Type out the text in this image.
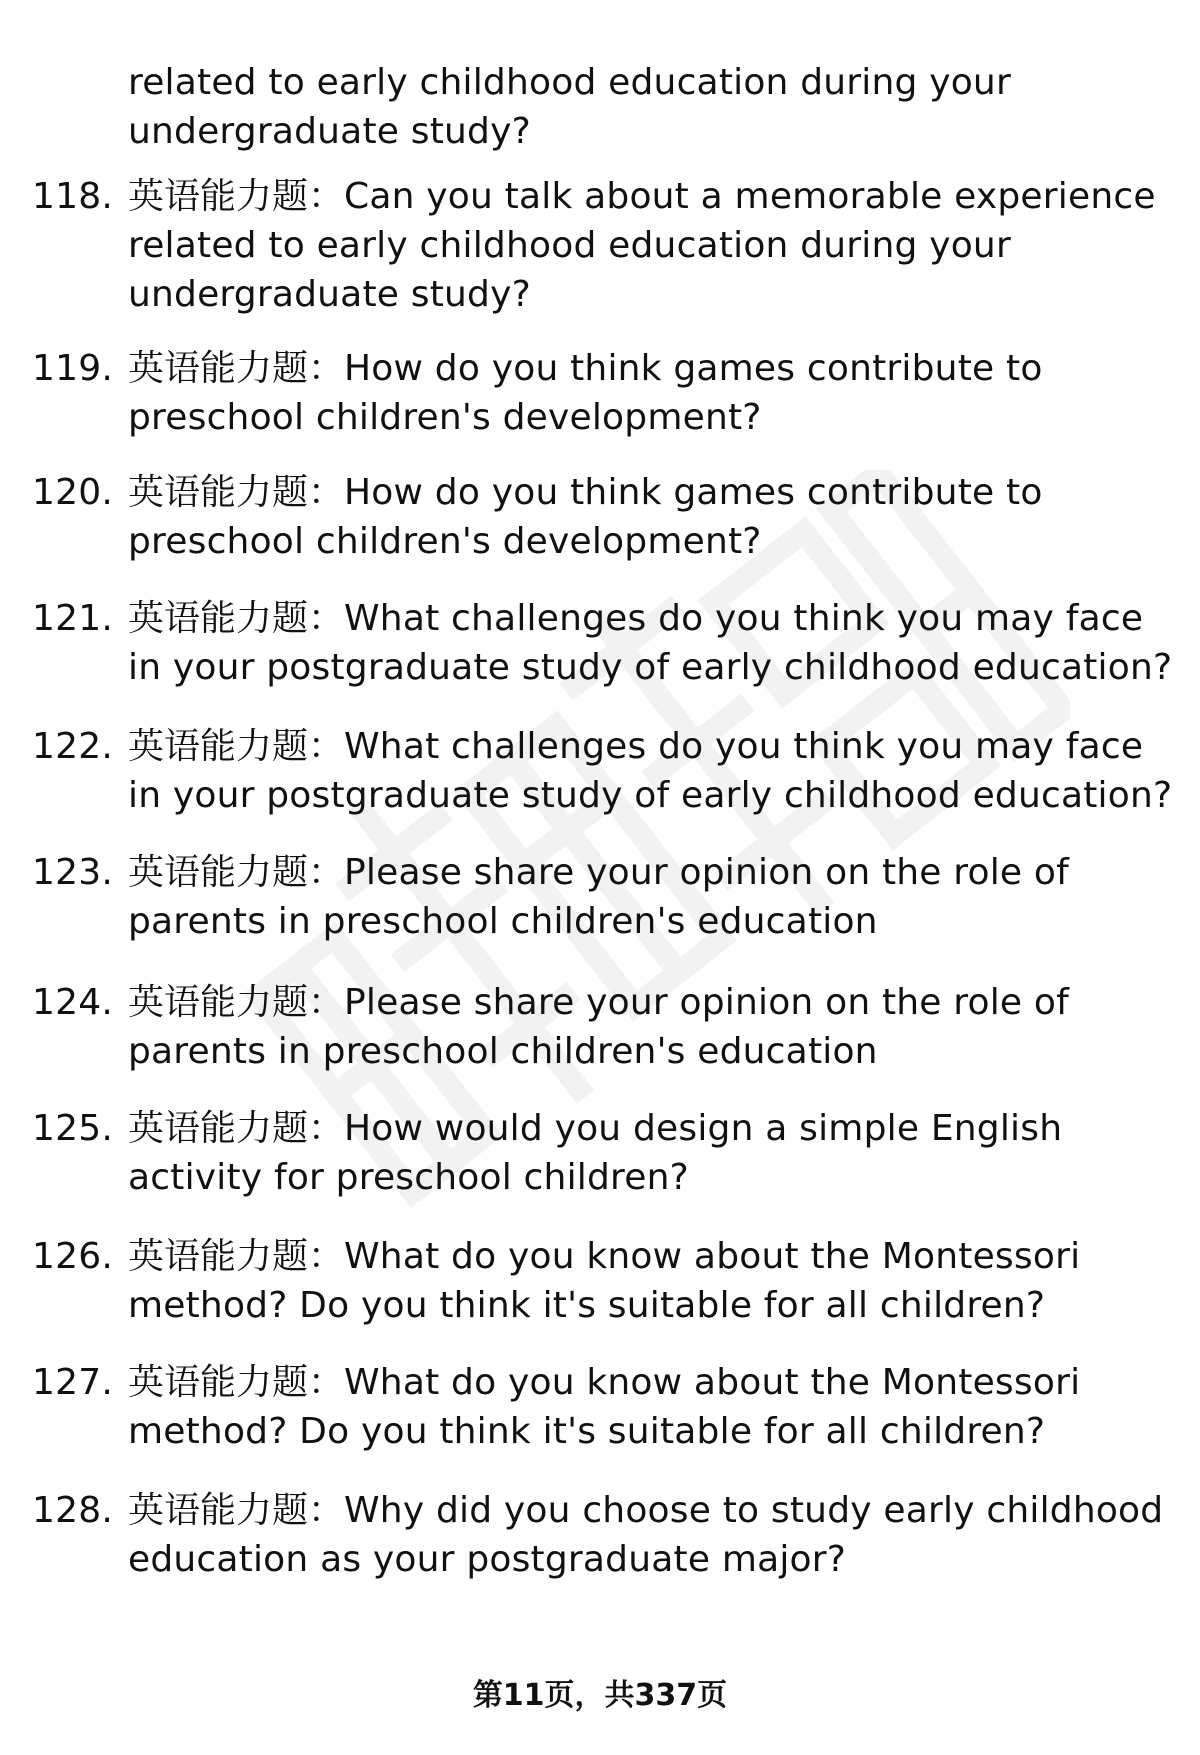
related to early childhood education during your undergraduate study?
118. 英语能力题：Can you talk about a memorable experience related to early childhood education during your undergraduate study?
119. 英语能力题：How do you think games contribute to preschool children's development?
120. 英语能力题：How do you think games contribute to preschool children's development?
121. 英语能力题：What challenges do you think you may face in your postgraduate study of early childhood education?
122. 英语能力题：What challenges do you think you may face in your postgraduate study of early childhood education?
123. 英语能力题：Please share your opinion on the role of parents in preschool children's education
124. 英语能力题：Please share your opinion on the role of parents in preschool children's education
125. 英语能力题：How would you design a simple English activity for preschool children?
126. 英语能力题：What do you know about the Montessori method? Do you think it's suitable for all children?
127. 英语能力题：What do you know about the Montessori method? Do you think it's suitable for all children?
128. 英语能力题：Why did you choose to study early childhood education as your postgraduate major?
第11页，共337页
